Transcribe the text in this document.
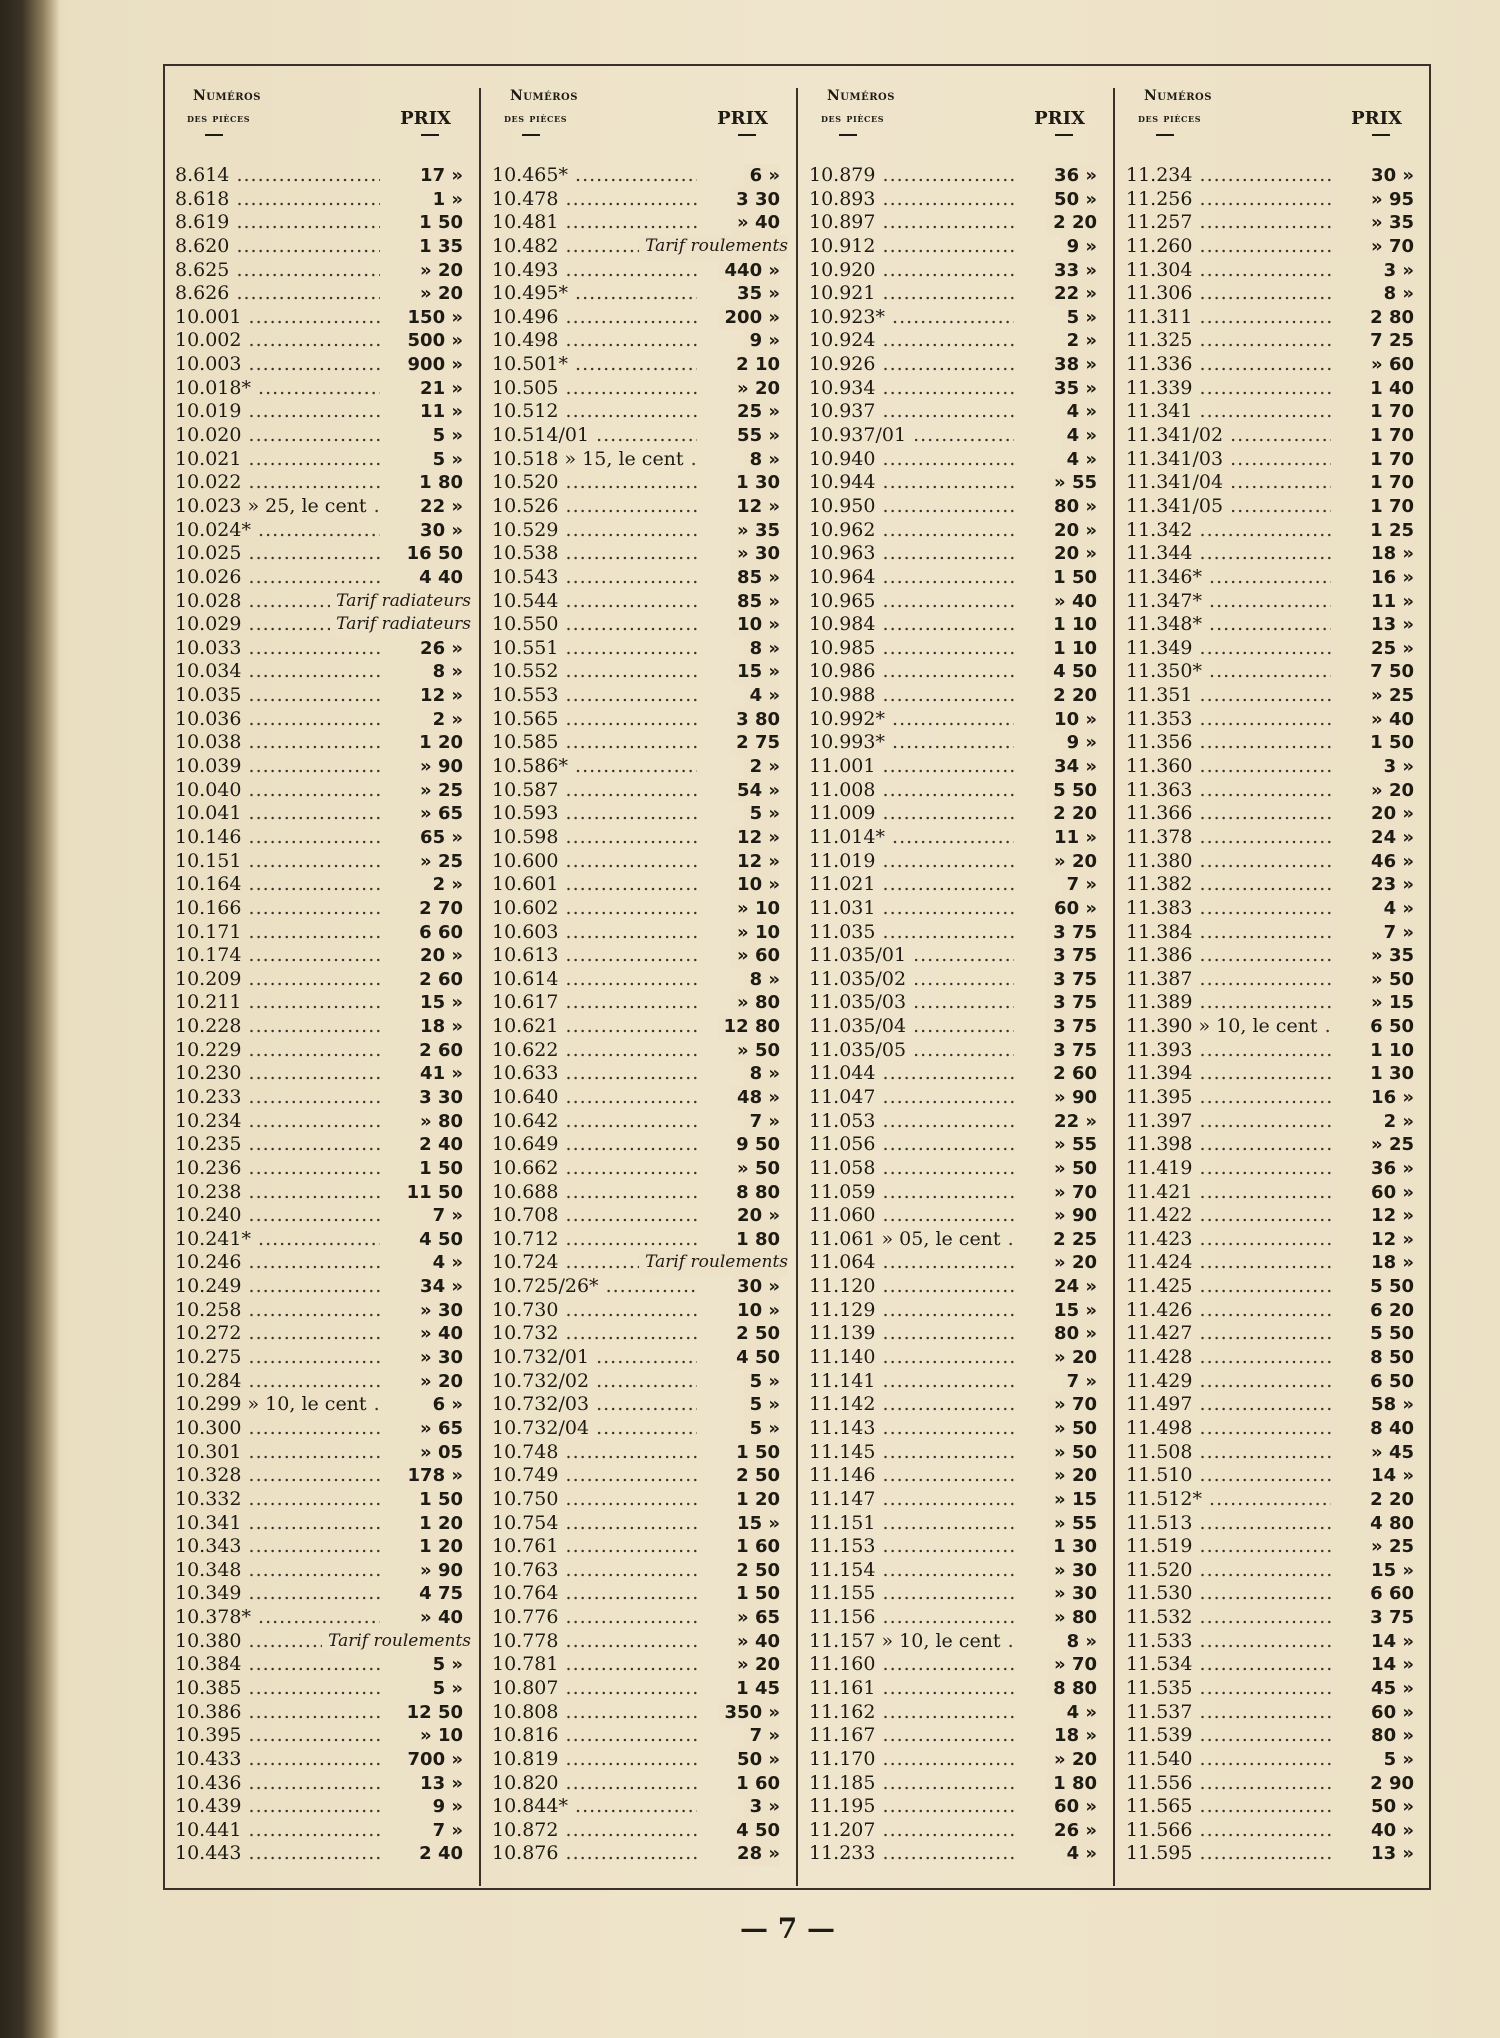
Numéros
des pièces	PRIX
8.614 .....	17 »
8.618 .....	1 »
8.619 .....	1 50
8.620 .....	1 35
8.625 .....	» 20
8.626 .....	» 20
10.001 .....	150 »
10.002 .....	500 »
10.003 .....	900 »
10.018* .....	21 »
10.019 .....	11 »
10.020 .....	5 »
10.021 .....	5 »
10.022 .....	1 80
10.023 » 25, le cent .....	22 »
10.024* .....	30 »
10.025 .....	16 50
10.026 .....	4 40
10.028 .....	Tarif radiateurs
10.029 .....	Tarif radiateurs
10.033 .....	26 »
10.034 .....	8 »
10.035 .....	12 »
10.036 .....	2 »
10.038 .....	1 20
10.039 .....	» 90
10.040 .....	» 25
10.041 .....	» 65
10.146 .....	65 »
10.151 .....	» 25
10.164 .....	2 »
10.166 .....	2 70
10.171 .....	6 60
10.174 .....	20 »
10.209 .....	2 60
10.211 .....	15 »
10.228 .....	18 »
10.229 .....	2 60
10.230 .....	41 »
10.233 .....	3 30
10.234 .....	» 80
10.235 .....	2 40
10.236 .....	1 50
10.238 .....	11 50
10.240 .....	7 »
10.241* .....	4 50
10.246 .....	4 »
10.249 .....	34 »
10.258 .....	» 30
10.272 .....	» 40
10.275 .....	» 30
10.284 .....	» 20
10.299 » 10, le cent .....	6 »
10.300 .....	» 65
10.301 .....	» 05
10.328 .....	178 »
10.332 .....	1 50
10.341 .....	1 20
10.343 .....	1 20
10.348 .....	» 90
10.349 .....	4 75
10.378* .....	» 40
10.380 .....	Tarif roulements
10.384 .....	5 »
10.385 .....	5 »
10.386 .....	12 50
10.395 .....	» 10
10.433 .....	700 »
10.436 .....	13 »
10.439 .....	9 »
10.441 .....	7 »
10.443 .....	2 40
Numéros
des pièces	PRIX
10.465* .....	6 »
10.478 .....	3 30
10.481 .....	» 40
10.482 .....	Tarif roulements
10.493 .....	440 »
10.495* .....	35 »
10.496 .....	200 »
10.498 .....	9 »
10.501* .....	2 10
10.505 .....	» 20
10.512 .....	25 »
10.514/01 .....	55 »
10.518 » 15, le cent .....	8 »
10.520 .....	1 30
10.526 .....	12 »
10.529 .....	» 35
10.538 .....	» 30
10.543 .....	85 »
10.544 .....	85 »
10.550 .....	10 »
10.551 .....	8 »
10.552 .....	15 »
10.553 .....	4 »
10.565 .....	3 80
10.585 .....	2 75
10.586* .....	2 »
10.587 .....	54 »
10.593 .....	5 »
10.598 .....	12 »
10.600 .....	12 »
10.601 .....	10 »
10.602 .....	» 10
10.603 .....	» 10
10.613 .....	» 60
10.614 .....	8 »
10.617 .....	» 80
10.621 .....	12 80
10.622 .....	» 50
10.633 .....	8 »
10.640 .....	48 »
10.642 .....	7 »
10.649 .....	9 50
10.662 .....	» 50
10.688 .....	8 80
10.708 .....	20 »
10.712 .....	1 80
10.724 .....	Tarif roulements
10.725/26* .....	30 »
10.730 .....	10 »
10.732 .....	2 50
10.732/01 .....	4 50
10.732/02 .....	5 »
10.732/03 .....	5 »
10.732/04 .....	5 »
10.748 .....	1 50
10.749 .....	2 50
10.750 .....	1 20
10.754 .....	15 »
10.761 .....	1 60
10.763 .....	2 50
10.764 .....	1 50
10.776 .....	» 65
10.778 .....	» 40
10.781 .....	» 20
10.807 .....	1 45
10.808 .....	350 »
10.816 .....	7 »
10.819 .....	50 »
10.820 .....	1 60
10.844* .....	3 »
10.872 .....	4 50
10.876 .....	28 »
Numéros
des pièces	PRIX
10.879 .....	36 »
10.893 .....	50 »
10.897 .....	2 20
10.912 .....	9 »
10.920 .....	33 »
10.921 .....	22 »
10.923* .....	5 »
10.924 .....	2 »
10.926 .....	38 »
10.934 .....	35 »
10.937 .....	4 »
10.937/01 .....	4 »
10.940 .....	4 »
10.944 .....	» 55
10.950 .....	80 »
10.962 .....	20 »
10.963 .....	20 »
10.964 .....	1 50
10.965 .....	» 40
10.984 .....	1 10
10.985 .....	1 10
10.986 .....	4 50
10.988 .....	2 20
10.992* .....	10 »
10.993* .....	9 »
11.001 .....	34 »
11.008 .....	5 50
11.009 .....	2 20
11.014* .....	11 »
11.019 .....	» 20
11.021 .....	7 »
11.031 .....	60 »
11.035 .....	3 75
11.035/01 .....	3 75
11.035/02 .....	3 75
11.035/03 .....	3 75
11.035/04 .....	3 75
11.035/05 .....	3 75
11.044 .....	2 60
11.047 .....	» 90
11.053 .....	22 »
11.056 .....	» 55
11.058 .....	» 50
11.059 .....	» 70
11.060 .....	» 90
11.061 » 05, le cent .....	2 25
11.064 .....	» 20
11.120 .....	24 »
11.129 .....	15 »
11.139 .....	80 »
11.140 .....	» 20
11.141 .....	7 »
11.142 .....	» 70
11.143 .....	» 50
11.145 .....	» 50
11.146 .....	» 20
11.147 .....	» 15
11.151 .....	» 55
11.153 .....	1 30
11.154 .....	» 30
11.155 .....	» 30
11.156 .....	» 80
11.157 » 10, le cent .....	8 »
11.160 .....	» 70
11.161 .....	8 80
11.162 .....	4 »
11.167 .....	18 »
11.170 .....	» 20
11.185 .....	1 80
11.195 .....	60 »
11.207 .....	26 »
11.233 .....	4 »
Numéros
des pièces	PRIX
11.234 .....	30 »
11.256 .....	» 95
11.257 .....	» 35
11.260 .....	» 70
11.304 .....	3 »
11.306 .....	8 »
11.311 .....	2 80
11.325 .....	7 25
11.336 .....	» 60
11.339 .....	1 40
11.341 .....	1 70
11.341/02 .....	1 70
11.341/03 .....	1 70
11.341/04 .....	1 70
11.341/05 .....	1 70
11.342 .....	1 25
11.344 .....	18 »
11.346* .....	16 »
11.347* .....	11 »
11.348* .....	13 »
11.349 .....	25 »
11.350* .....	7 50
11.351 .....	» 25
11.353 .....	» 40
11.356 .....	1 50
11.360 .....	3 »
11.363 .....	» 20
11.366 .....	20 »
11.378 .....	24 »
11.380 .....	46 »
11.382 .....	23 »
11.383 .....	4 »
11.384 .....	7 »
11.386 .....	» 35
11.387 .....	» 50
11.389 .....	» 15
11.390 » 10, le cent .....	6 50
11.393 .....	1 10
11.394 .....	1 30
11.395 .....	16 »
11.397 .....	2 »
11.398 .....	» 25
11.419 .....	36 »
11.421 .....	60 »
11.422 .....	12 »
11.423 .....	12 »
11.424 .....	18 »
11.425 .....	5 50
11.426 .....	6 20
11.427 .....	5 50
11.428 .....	8 50
11.429 .....	6 50
11.497 .....	58 »
11.498 .....	8 40
11.508 .....	» 45
11.510 .....	14 »
11.512* .....	2 20
11.513 .....	4 80
11.519 .....	» 25
11.520 .....	15 »
11.530 .....	6 60
11.532 .....	3 75
11.533 .....	14 »
11.534 .....	14 »
11.535 .....	45 »
11.537 .....	60 »
11.539 .....	80 »
11.540 .....	5 »
11.556 .....	2 90
11.565 .....	50 »
11.566 .....	40 »
11.595 .....	13 »
— 7 —
